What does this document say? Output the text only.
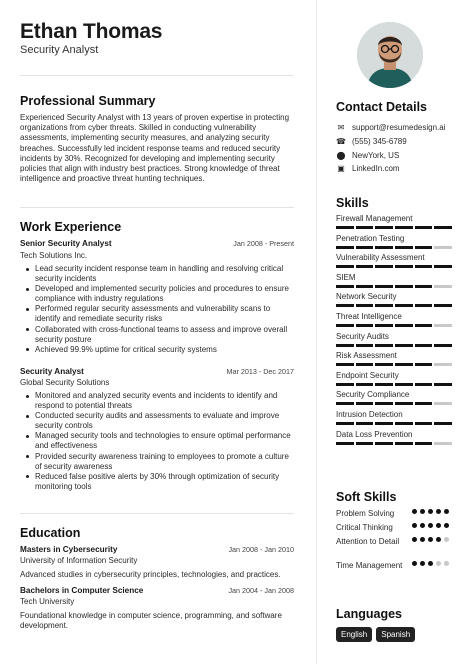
Ethan Thomas
Security Analyst
Professional Summary
Experienced Security Analyst with 13 years of proven expertise in protecting organizations from cyber threats. Skilled in conducting vulnerability assessments, implementing security measures, and analyzing security breaches. Successfully led incident response teams and reduced security incidents by 30%. Recognized for developing and implementing security policies that align with industry best practices. Strong knowledge of threat intelligence and proactive threat hunting techniques.
Work Experience
Senior Security Analyst	Jan 2008 - Present
Tech Solutions Inc.
Lead security incident response team in handling and resolving critical security incidents
Developed and implemented security policies and procedures to ensure compliance with industry regulations
Performed regular security assessments and vulnerability scans to identify and remediate security risks
Collaborated with cross-functional teams to assess and improve overall security posture
Achieved 99.9% uptime for critical security systems
Security Analyst	Mar 2013 - Dec 2017
Global Security Solutions
Monitored and analyzed security events and incidents to identify and respond to potential threats
Conducted security audits and assessments to evaluate and improve security controls
Managed security tools and technologies to ensure optimal performance and effectiveness
Provided security awareness training to employees to promote a culture of security awareness
Reduced false positive alerts by 30% through optimization of security monitoring tools
Education
Masters in Cybersecurity	Jan 2008 - Jan 2010
University of Information Security
Advanced studies in cybersecurity principles, technologies, and practices.
Bachelors in Computer Science	Jan 2004 - Jan 2008
Tech University
Foundational knowledge in computer science, programming, and software development.
Contact Details
✉ support@resumedesign.ai
☎ (555) 345-6789
⬤ NewYork, US
▣ LinkedIn.com
Skills
Firewall Management
Penetration Testing
Vulnerability Assessment
SIEM
Network Security
Threat Intelligence
Security Audits
Risk Assessment
Endpoint Security
Security Compliance
Intrusion Detection
Data Loss Prevention
Soft Skills
Problem Solving
Critical Thinking
Attention to Detail
Time Management
Languages
English	Spanish
